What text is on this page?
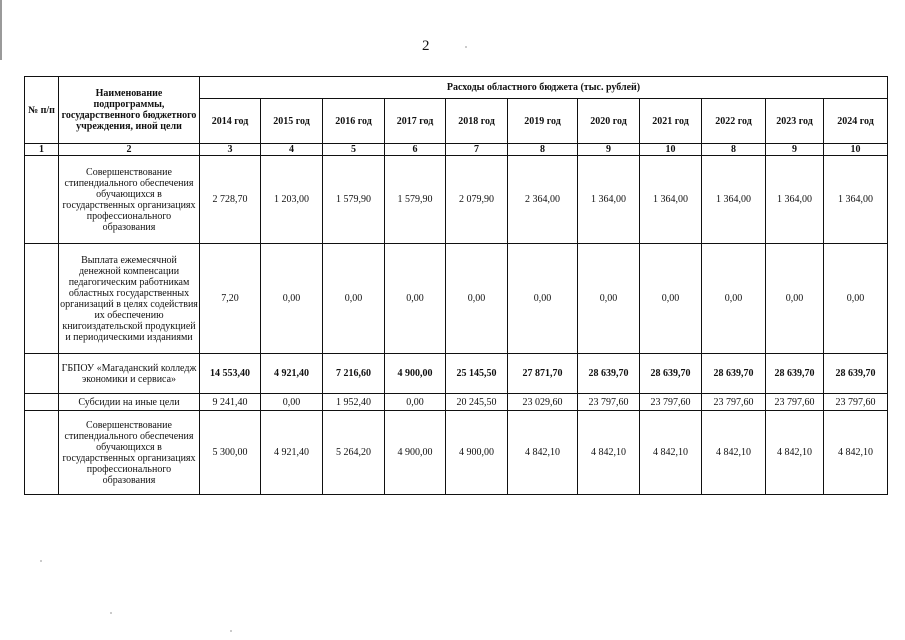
2
№ п/п	Наименование подпрограммы, государственного бюджетного учреждения, иной цели	Расходы областного бюджета (тыс. рублей)										
		2014 год	2015 год	2016 год	2017 год	2018 год	2019 год	2020 год	2021 год	2022 год	2023 год	2024 год
1	2	3	4	5	6	7	8	9	10	8	9	10
	Совершенствование стипендиального обеспечения обучающихся в государственных организациях профессионального образования	2 728,70	1 203,00	1 579,90	1 579,90	2 079,90	2 364,00	1 364,00	1 364,00	1 364,00	1 364,00	1 364,00
	Выплата ежемесячной денежной компенсации педагогическим работникам областных государственных организаций в целях содействия их обеспечению книгоиздательской продукцией и периодическими изданиями	7,20	0,00	0,00	0,00	0,00	0,00	0,00	0,00	0,00	0,00	0,00
	ГБПОУ «Магаданский колледж экономики и сервиса»	14 553,40	4 921,40	7 216,60	4 900,00	25 145,50	27 871,70	28 639,70	28 639,70	28 639,70	28 639,70	28 639,70
	Субсидии на иные цели	9 241,40	0,00	1 952,40	0,00	20 245,50	23 029,60	23 797,60	23 797,60	23 797,60	23 797,60	23 797,60
	Совершенствование стипендиального обеспечения обучающихся в государственных организациях профессионального образования	5 300,00	4 921,40	5 264,20	4 900,00	4 900,00	4 842,10	4 842,10	4 842,10	4 842,10	4 842,10	4 842,10
